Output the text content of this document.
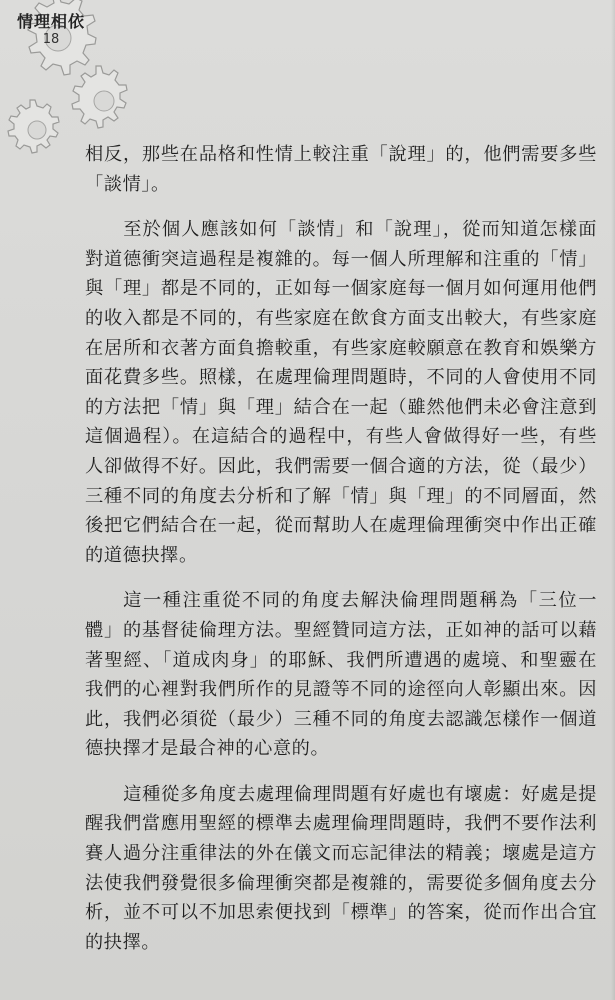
情理相依
18

相反，那些在品格和性情上較注重「說理」的，他們需要多些「談情」。

至於個人應該如何「談情」和「說理」，從而知道怎樣面對道德衝突這過程是複雜的。每一個人所理解和注重的「情」與「理」都是不同的，正如每一個家庭每一個月如何運用他們的收入都是不同的，有些家庭在飲食方面支出較大，有些家庭在居所和衣著方面負擔較重，有些家庭較願意在教育和娛樂方面花費多些。照樣，在處理倫理問題時，不同的人會使用不同的方法把「情」與「理」結合在一起（雖然他們未必會注意到這個過程）。在這結合的過程中，有些人會做得好一些，有些人卻做得不好。因此，我們需要一個合適的方法，從（最少）三種不同的角度去分析和了解「情」與「理」的不同層面，然後把它們結合在一起，從而幫助人在處理倫理衝突中作出正確的道德抉擇。

這一種注重從不同的角度去解決倫理問題稱為「三位一體」的基督徒倫理方法。聖經贊同這方法，正如神的話可以藉著聖經、「道成肉身」的耶穌、我們所遭遇的處境、和聖靈在我們的心裡對我們所作的見證等不同的途徑向人彰顯出來。因此，我們必須從（最少）三種不同的角度去認識怎樣作一個道德抉擇才是最合神的心意的。

這種從多角度去處理倫理問題有好處也有壞處：好處是提醒我們當應用聖經的標準去處理倫理問題時，我們不要作法利賽人過分注重律法的外在儀文而忘記律法的精義；壞處是這方法使我們發覺很多倫理衝突都是複雜的，需要從多個角度去分析，並不可以不加思索便找到「標準」的答案，從而作出合宜的抉擇。
